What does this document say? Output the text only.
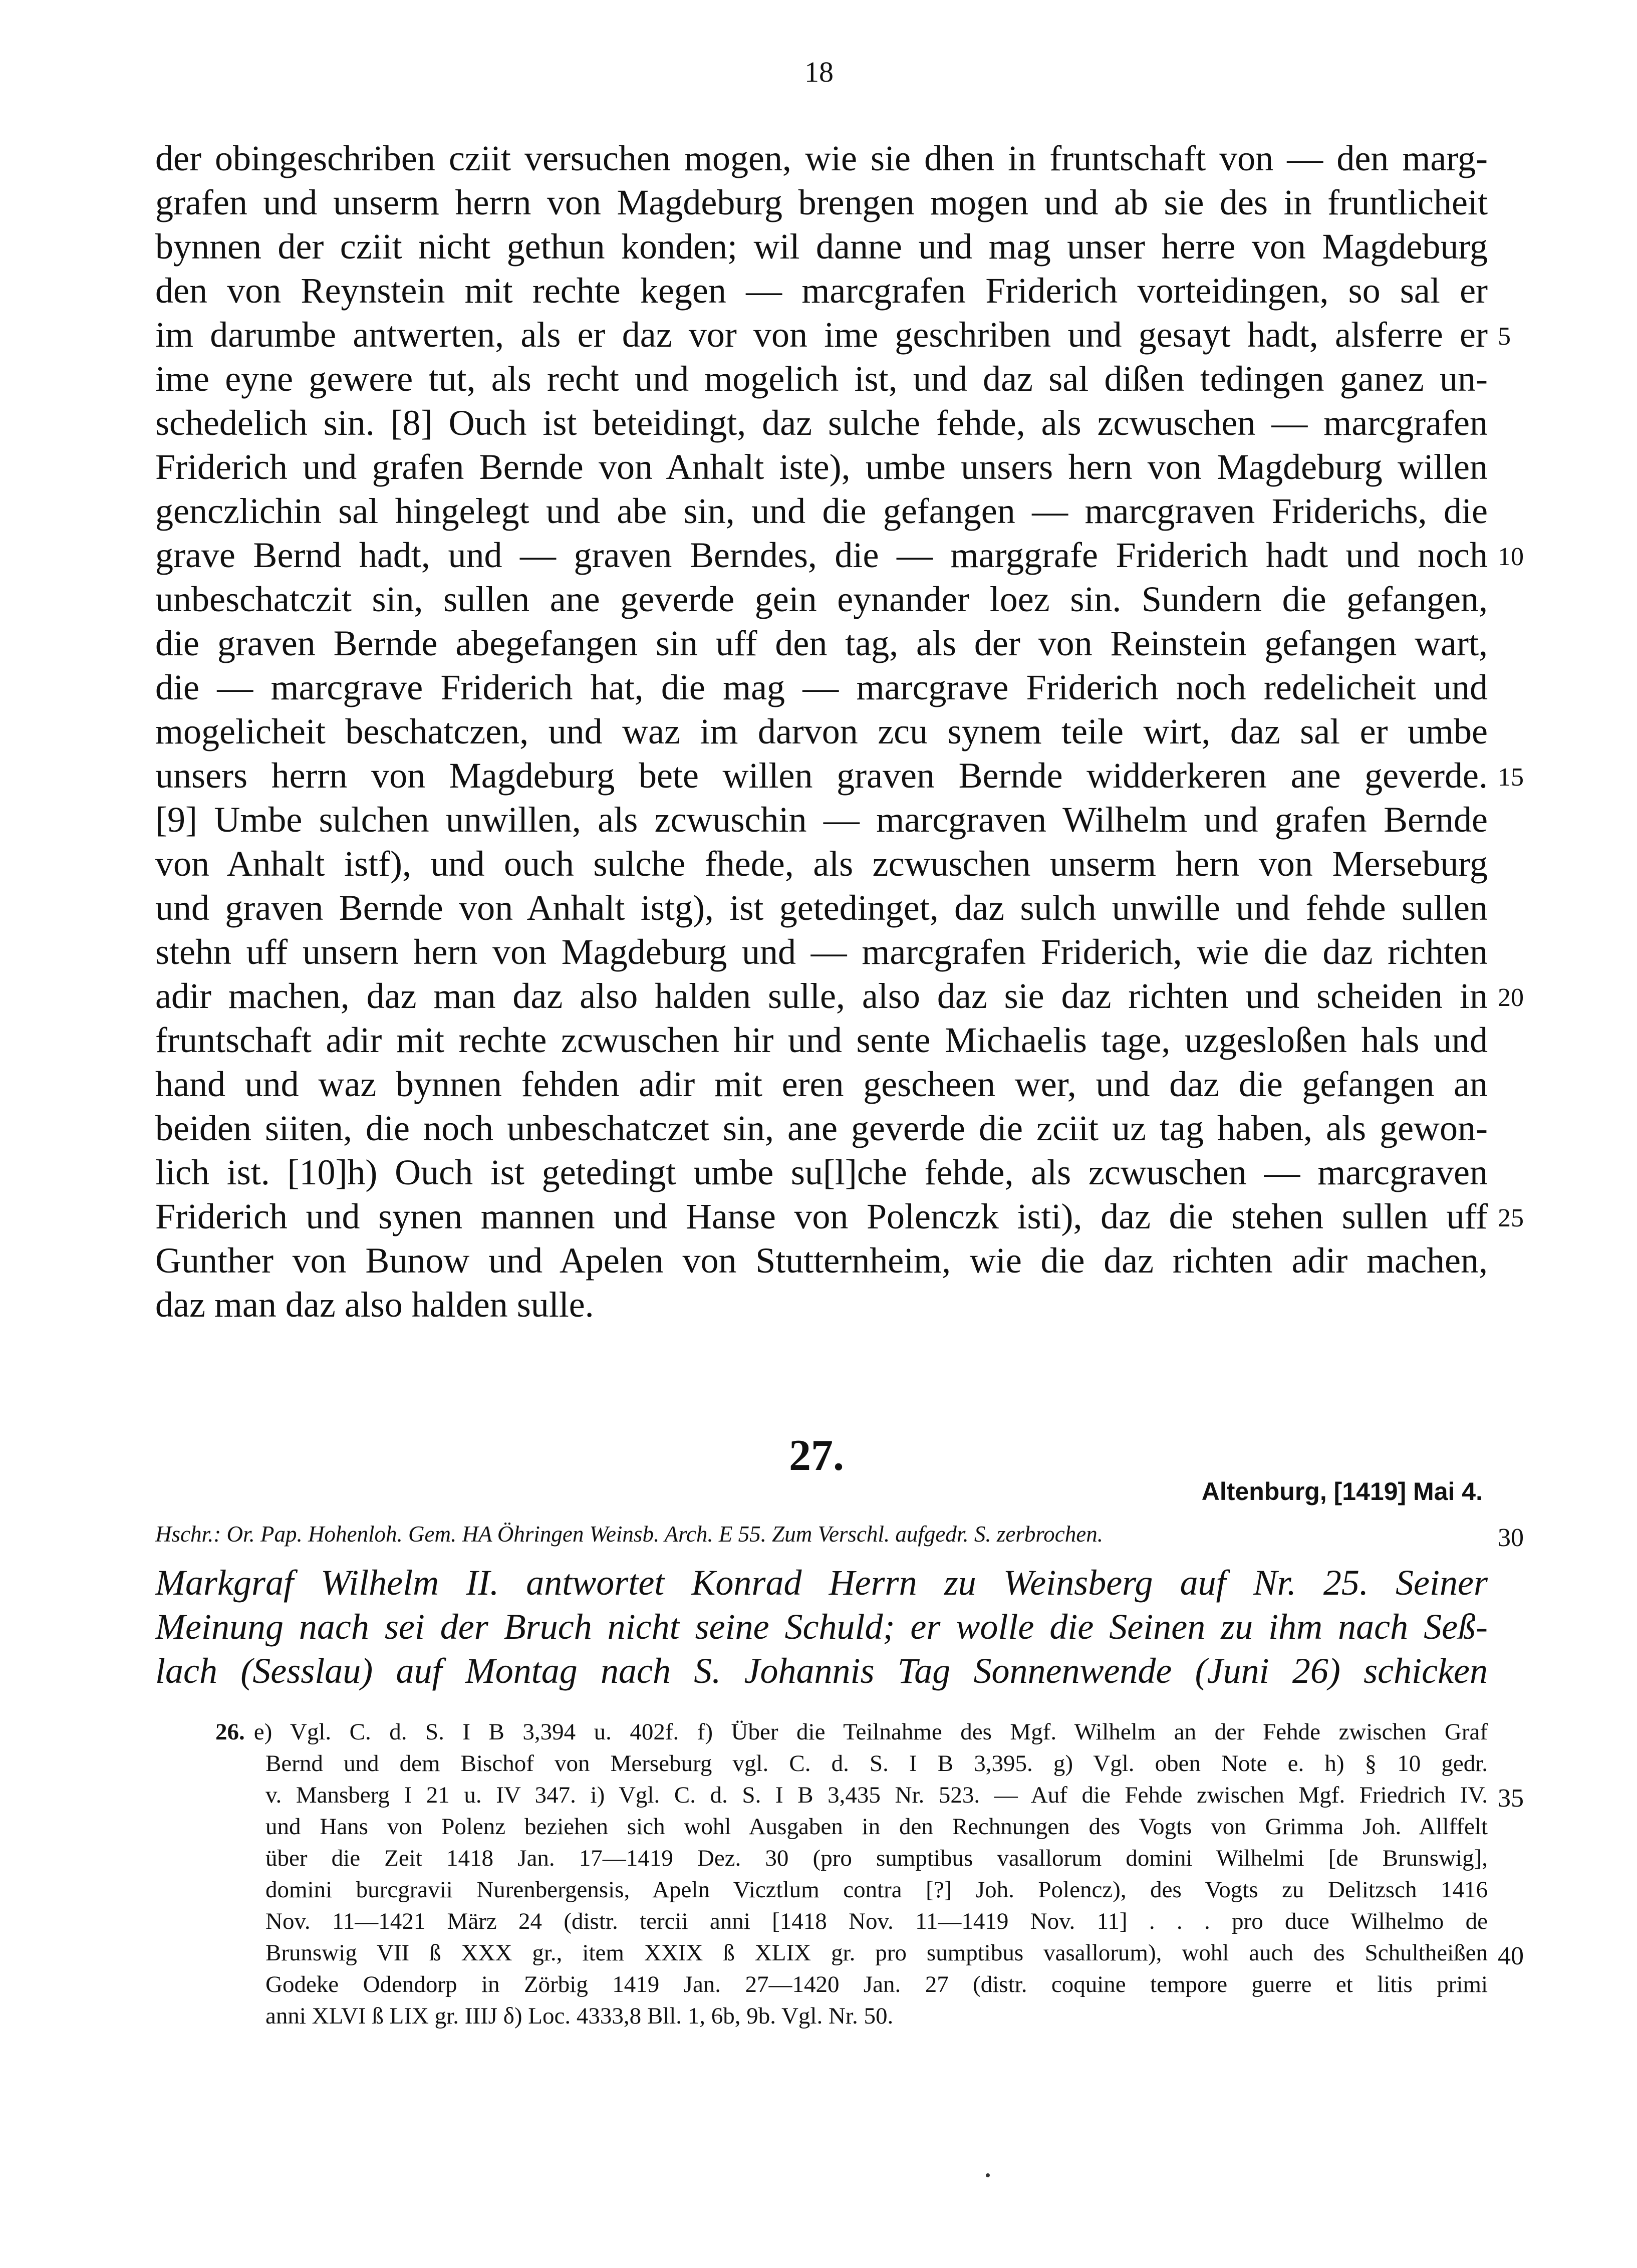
18
der obingeschriben cziit versuchen mogen, wie sie dhen in fruntschaft von — den marg-
grafen und unserm herrn von Magdeburg brengen mogen und ab sie des in fruntlicheit
bynnen der cziit nicht gethun konden; wil danne und mag unser herre von Magdeburg
den von Reynstein mit rechte kegen — marcgrafen Friderich vorteidingen, so sal er
im darumbe antwerten, als er daz vor von ime geschriben und gesayt hadt, alsferre er
ime eyne gewere tut, als recht und mogelich ist, und daz sal dißen tedingen ganez un-
schedelich sin. [8] Ouch ist beteidingt, daz sulche fehde, als zcwuschen — marcgrafen
Friderich und grafen Bernde von Anhalt iste), umbe unsers hern von Magdeburg willen
genczlichin sal hingelegt und abe sin, und die gefangen — marcgraven Friderichs, die
grave Bernd hadt, und — graven Berndes, die — marggrafe Friderich hadt und noch
unbeschatczit sin, sullen ane geverde gein eynander loez sin. Sundern die gefangen,
die graven Bernde abegefangen sin uff den tag, als der von Reinstein gefangen wart,
die — marcgrave Friderich hat, die mag — marcgrave Friderich noch redelicheit und
mogelicheit beschatczen, und waz im darvon zcu synem teile wirt, daz sal er umbe
unsers herrn von Magdeburg bete willen graven Bernde widderkeren ane geverde.
[9] Umbe sulchen unwillen, als zcwuschin — marcgraven Wilhelm und grafen Bernde
von Anhalt istf), und ouch sulche fhede, als zcwuschen unserm hern von Merseburg
und graven Bernde von Anhalt istg), ist getedinget, daz sulch unwille und fehde sullen
stehn uff unsern hern von Magdeburg und — marcgrafen Friderich, wie die daz richten
adir machen, daz man daz also halden sulle, also daz sie daz richten und scheiden in
fruntschaft adir mit rechte zcwuschen hir und sente Michaelis tage, uzgesloßen hals und
hand und waz bynnen fehden adir mit eren gescheen wer, und daz die gefangen an
beiden siiten, die noch unbeschatczet sin, ane geverde die zciit uz tag haben, als gewon-
lich ist. [10]h) Ouch ist getedingt umbe su[l]che fehde, als zcwuschen — marcgraven
Friderich und synen mannen und Hanse von Polenczk isti), daz die stehen sullen uff
Gunther von Bunow und Apelen von Stutternheim, wie die daz richten adir machen,
daz man daz also halden sulle.
5
10
15
20
25
27.
Altenburg, [1419] Mai 4.
Hschr.: Or. Pap. Hohenloh. Gem. HA Öhringen Weinsb. Arch. E 55. Zum Verschl. aufgedr. S. zerbrochen.	30
Markgraf Wilhelm II. antwortet Konrad Herrn zu Weinsberg auf Nr. 25. Seiner
Meinung nach sei der Bruch nicht seine Schuld; er wolle die Seinen zu ihm nach Seß-
lach (Sesslau) auf Montag nach S. Johannis Tag Sonnenwende (Juni 26) schicken
26. e) Vgl. C. d. S. I B 3,394 u. 402f. f) Über die Teilnahme des Mgf. Wilhelm an der Fehde zwischen Graf
Bernd und dem Bischof von Merseburg vgl. C. d. S. I B 3,395. g) Vgl. oben Note e. h) § 10 gedr.
v. Mansberg I 21 u. IV 347. i) Vgl. C. d. S. I B 3,435 Nr. 523. — Auf die Fehde zwischen Mgf. Friedrich IV.
und Hans von Polenz beziehen sich wohl Ausgaben in den Rechnungen des Vogts von Grimma Joh. Allffelt
über die Zeit 1418 Jan. 17—1419 Dez. 30 (pro sumptibus vasallorum domini Wilhelmi [de Brunswig],
domini burcgravii Nurenbergensis, Apeln Vicztlum contra [?] Joh. Polencz), des Vogts zu Delitzsch 1416
Nov. 11—1421 März 24 (distr. tercii anni [1418 Nov. 11—1419 Nov. 11] . . . pro duce Wilhelmo de
Brunswig VII ß XXX gr., item XXIX ß XLIX gr. pro sumptibus vasallorum), wohl auch des Schultheißen
Godeke Odendorp in Zörbig 1419 Jan. 27—1420 Jan. 27 (distr. coquine tempore guerre et litis primi
anni XLVI ß LIX gr. IIIJ δ) Loc. 4333,8 Bll. 1, 6b, 9b. Vgl. Nr. 50.
35
40
